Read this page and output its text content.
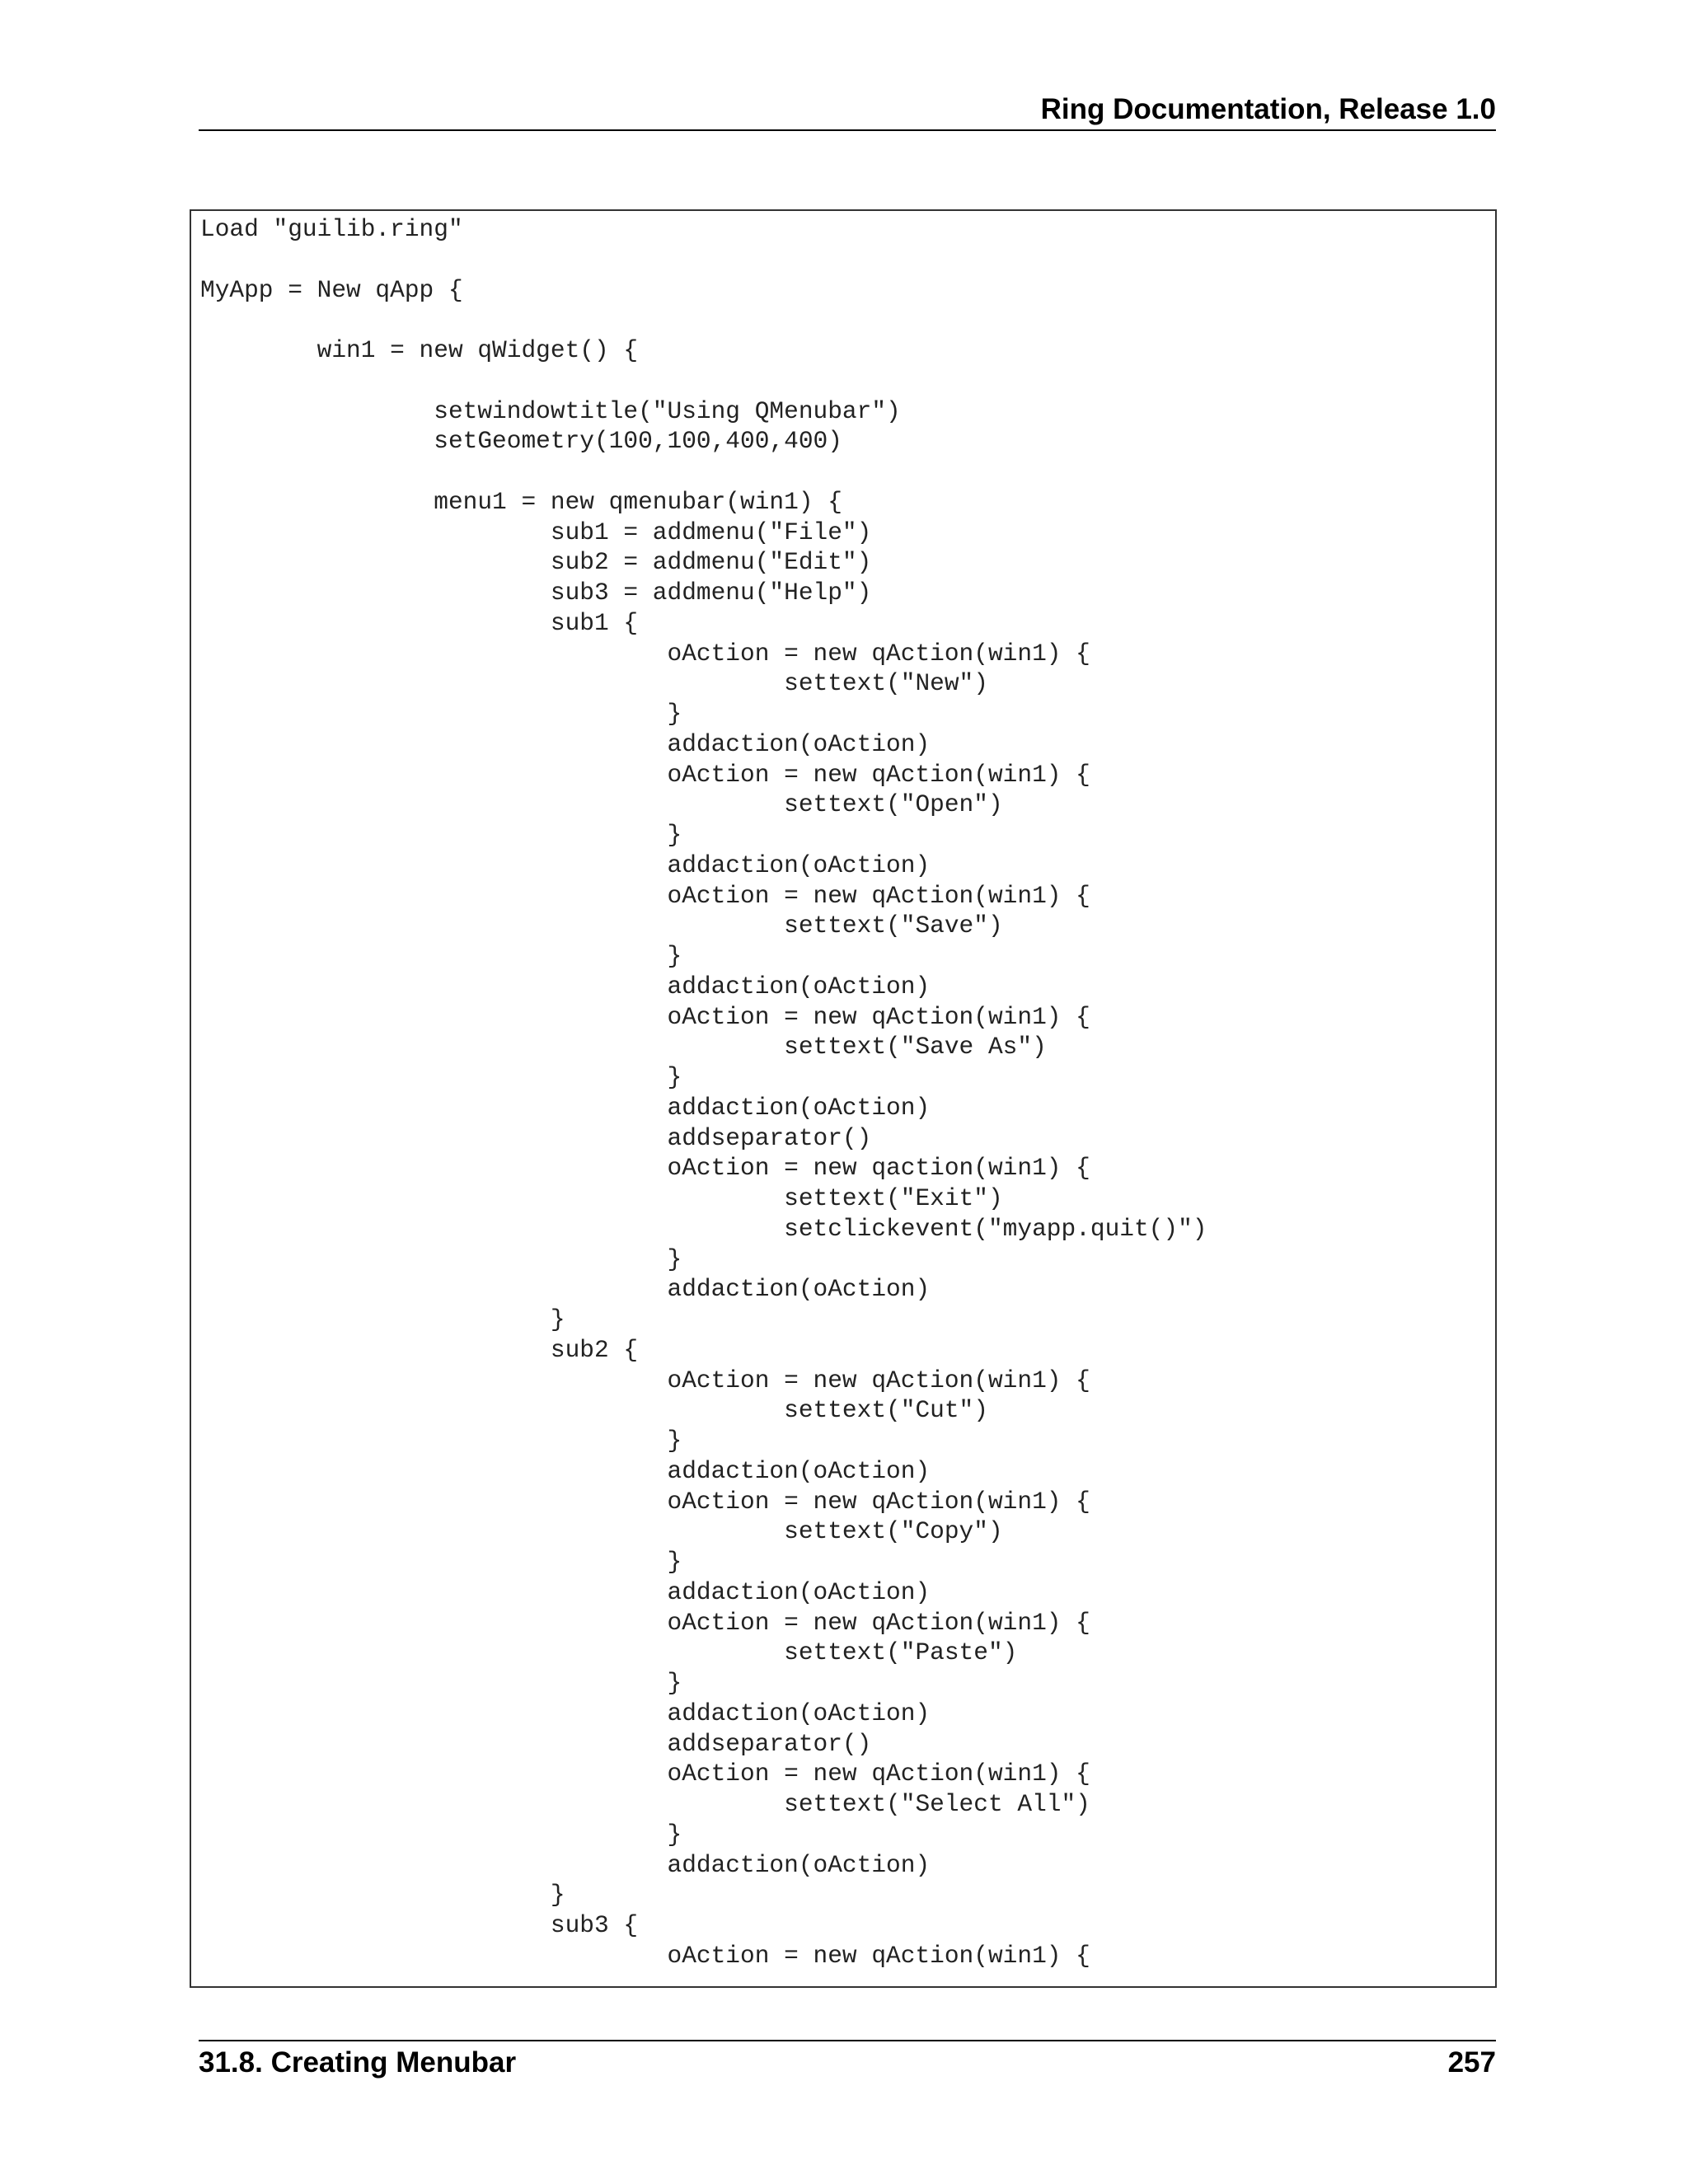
Ring Documentation, Release 1.0
Load "guilib.ring"
MyApp = New qApp {
win1 = new qWidget() {
setwindowtitle("Using QMenubar")
setGeometry(100,100,400,400)
menu1 = new qmenubar(win1) {
sub1 = addmenu("File")
sub2 = addmenu("Edit")
sub3 = addmenu("Help")
sub1 {
oAction = new qAction(win1) {
settext("New")
}
addaction(oAction)
oAction = new qAction(win1) {
settext("Open")
}
addaction(oAction)
oAction = new qAction(win1) {
settext("Save")
}
addaction(oAction)
oAction = new qAction(win1) {
settext("Save As")
}
addaction(oAction)
addseparator()
oAction = new qaction(win1) {
settext("Exit")
setclickevent("myapp.quit()")
}
addaction(oAction)
}
sub2 {
oAction = new qAction(win1) {
settext("Cut")
}
addaction(oAction)
oAction = new qAction(win1) {
settext("Copy")
}
addaction(oAction)
oAction = new qAction(win1) {
settext("Paste")
}
addaction(oAction)
addseparator()
oAction = new qAction(win1) {
settext("Select All")
}
addaction(oAction)
}
sub3 {
oAction = new qAction(win1) {
31.8. Creating Menubar	257
